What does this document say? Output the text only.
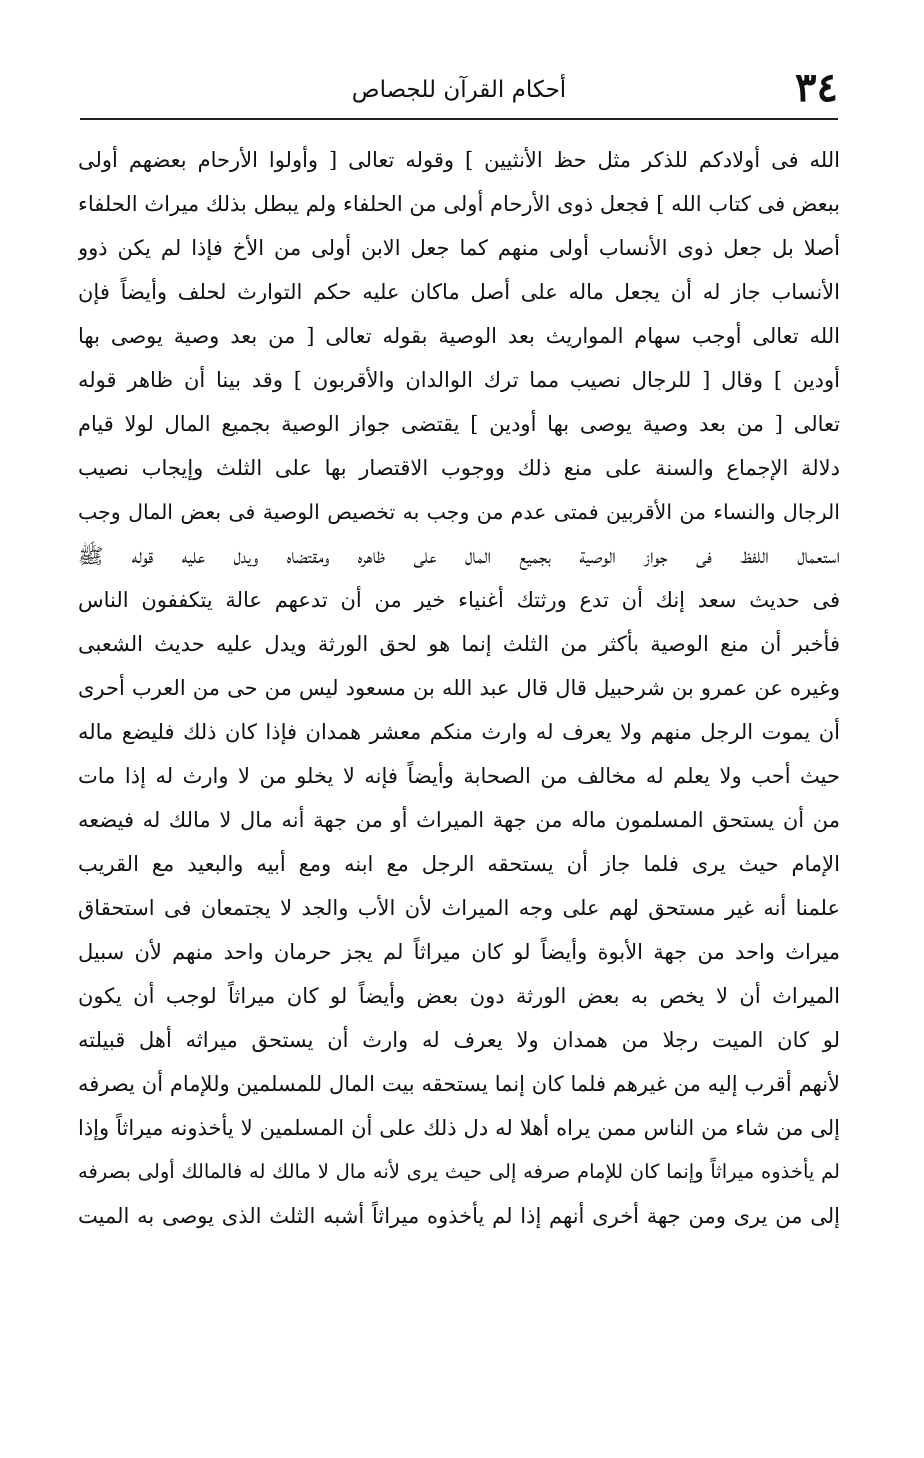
٣٤
أحكام القرآن للجصاص
الله فى أولادكم للذكر مثل حظ الأنثيين ] وقوله تعالى [ وأولوا الأرحام بعضهم أولى
ببعض فى كتاب الله ] فجعل ذوى الأرحام أولى من الحلفاء ولم يبطل بذلك ميراث الحلفاء
أصلا بل جعل ذوى الأنساب أولى منهم كما جعل الابن أولى من الأخ فإذا لم يكن ذوو
الأنساب جاز له أن يجعل ماله على أصل ماكان عليه حكم التوارث لحلف وأيضاً فإن
الله تعالى أوجب سهام المواريث بعد الوصية بقوله تعالى [ من بعد وصية يوصى بها
أودين ] وقال [ للرجال نصيب مما ترك الوالدان والأقربون ] وقد بينا أن ظاهر قوله
تعالى [ من بعد وصية يوصى بها أودين ] يقتضى جواز الوصية بجميع المال لولا قيام
دلالة الإجماع والسنة على منع ذلك ووجوب الاقتصار بها على الثلث وإيجاب نصيب
الرجال والنساء من الأقربين فمتى عدم من وجب به تخصيص الوصية فى بعض المال وجب
استعمال اللفظ فى جواز الوصية بجميع المال على ظاهره ومقتضاه ويدل عليه قوله ﷺ
فى حديث سعد إنك أن تدع ورثتك أغنياء خير من أن تدعهم عالة يتكففون الناس
فأخبر أن منع الوصية بأكثر من الثلث إنما هو لحق الورثة ويدل عليه حديث الشعبى
وغيره عن عمرو بن شرحبيل قال قال عبد الله بن مسعود ليس من حى من العرب أحرى
أن يموت الرجل منهم ولا يعرف له وارث منكم معشر همدان فإذا كان ذلك فليضع ماله
حيث أحب ولا يعلم له مخالف من الصحابة وأيضاً فإنه لا يخلو من لا وارث له إذا مات
من أن يستحق المسلمون ماله من جهة الميراث أو من جهة أنه مال لا مالك له فيضعه
الإمام حيث يرى فلما جاز أن يستحقه الرجل مع ابنه ومع أبيه والبعيد مع القريب
علمنا أنه غير مستحق لهم على وجه الميراث لأن الأب والجد لا يجتمعان فى استحقاق
ميراث واحد من جهة الأبوة وأيضاً لو كان ميراثاً لم يجز حرمان واحد منهم لأن سبيل
الميراث أن لا يخص به بعض الورثة دون بعض وأيضاً لو كان ميراثاً لوجب أن يكون
لو كان الميت رجلا من همدان ولا يعرف له وارث أن يستحق ميراثه أهل قبيلته
لأنهم أقرب إليه من غيرهم فلما كان إنما يستحقه بيت المال للمسلمين وللإمام أن يصرفه
إلى من شاء من الناس ممن يراه أهلا له دل ذلك على أن المسلمين لا يأخذونه ميراثاً وإذا
لم يأخذوه ميراثاً وإنما كان للإمام صرفه إلى حيث يرى لأنه مال لا مالك له فالمالك أولى بصرفه
إلى من يرى ومن جهة أخرى أنهم إذا لم يأخذوه ميراثاً أشبه الثلث الذى يوصى به الميت
